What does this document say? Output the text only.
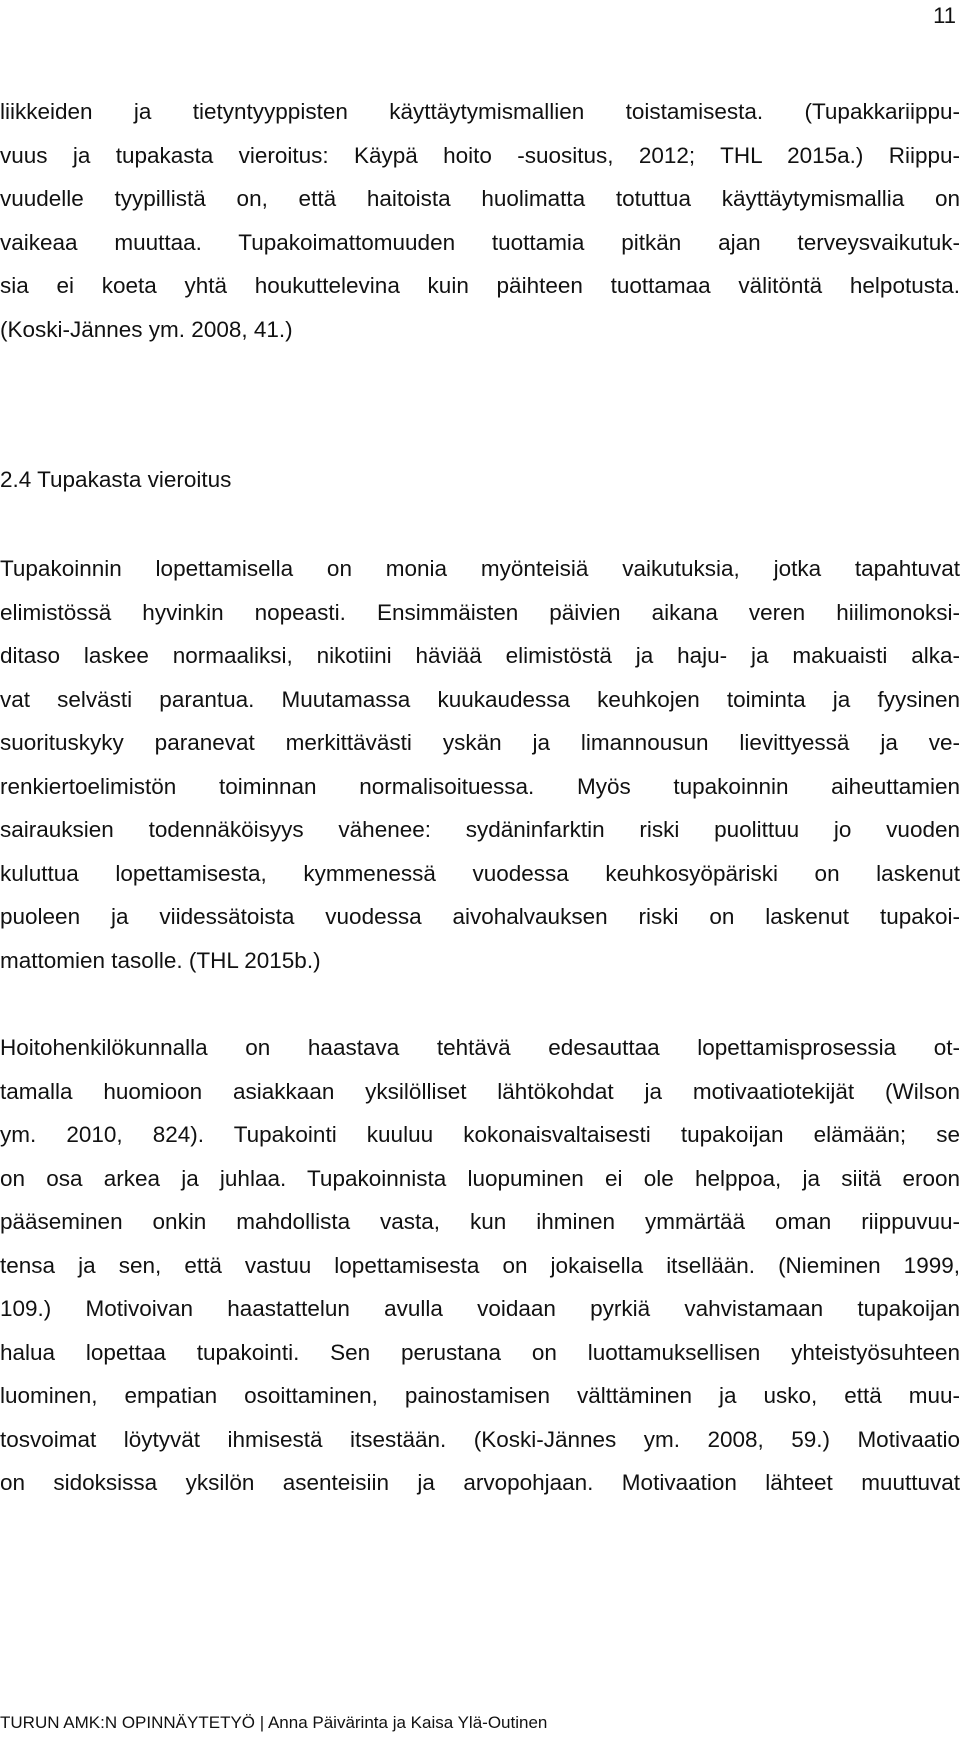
11
liikkeiden ja tietyntyyppisten käyttäytymismallien toistamisesta. (Tupakkariippu-
vuus ja tupakasta vieroitus: Käypä hoito -suositus, 2012; THL 2015a.) Riippu-
vuudelle tyypillistä on, että haitoista huolimatta totuttua käyttäytymismallia on
vaikeaa muuttaa. Tupakoimattomuuden tuottamia pitkän ajan terveysvaikutuk-
sia ei koeta yhtä houkuttelevina kuin päihteen tuottamaa välitöntä helpotusta.
(Koski-Jännes ym. 2008, 41.)
2.4 Tupakasta vieroitus
Tupakoinnin lopettamisella on monia myönteisiä vaikutuksia, jotka tapahtuvat
elimistössä hyvinkin nopeasti. Ensimmäisten päivien aikana veren hiilimonoksi-
ditaso laskee normaaliksi, nikotiini häviää elimistöstä ja haju- ja makuaisti alka-
vat selvästi parantua. Muutamassa kuukaudessa keuhkojen toiminta ja fyysinen
suorituskyky paranevat merkittävästi yskän ja limannousun lievittyessä ja ve-
renkiertoelimistön toiminnan normalisoituessa. Myös tupakoinnin aiheuttamien
sairauksien todennäköisyys vähenee: sydäninfarktin riski puolittuu jo vuoden
kuluttua lopettamisesta, kymmenessä vuodessa keuhkosyöpäriski on laskenut
puoleen ja viidessätoista vuodessa aivohalvauksen riski on laskenut tupakoi-
mattomien tasolle. (THL 2015b.)
Hoitohenkilökunnalla on haastava tehtävä edesauttaa lopettamisprosessia ot-
tamalla huomioon asiakkaan yksilölliset lähtökohdat ja motivaatiotekijät (Wilson
ym. 2010, 824). Tupakointi kuuluu kokonaisvaltaisesti tupakoijan elämään; se
on osa arkea ja juhlaa. Tupakoinnista luopuminen ei ole helppoa, ja siitä eroon
pääseminen onkin mahdollista vasta, kun ihminen ymmärtää oman riippuvuu-
tensa ja sen, että vastuu lopettamisesta on jokaisella itsellään. (Nieminen 1999,
109.) Motivoivan haastattelun avulla voidaan pyrkiä vahvistamaan tupakoijan
halua lopettaa tupakointi. Sen perustana on luottamuksellisen yhteistyösuhteen
luominen, empatian osoittaminen, painostamisen välttäminen ja usko, että muu-
tosvoimat löytyvät ihmisestä itsestään. (Koski-Jännes ym. 2008, 59.) Motivaatio
on sidoksissa yksilön asenteisiin ja arvopohjaan. Motivaation lähteet muuttuvat
TURUN AMK:N OPINNÄYTETYÖ | Anna Päivärinta ja Kaisa Ylä-Outinen
